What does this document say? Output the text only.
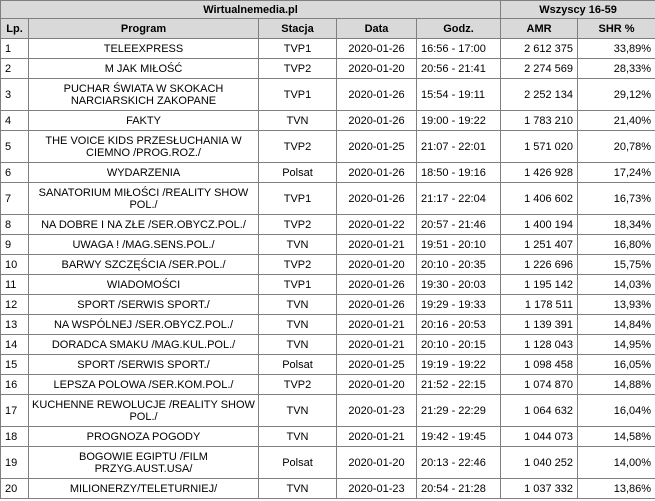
Wirtualnemedia.pl					Wszyscy 16-59	
Lp.	Program	Stacja	Data	Godz.	AMR	SHR %
1	TELEEXPRESS	TVP1	2020-01-26	16:56 - 17:00	2 612 375	33,89%
2	M JAK MIŁOŚĆ	TVP2	2020-01-20	20:56 - 21:41	2 274 569	28,33%
3	PUCHAR ŚWIATA W SKOKACH NARCIARSKICH ZAKOPANE	TVP1	2020-01-26	15:54 - 19:11	2 252 134	29,12%
4	FAKTY	TVN	2020-01-26	19:00 - 19:22	1 783 210	21,40%
5	THE VOICE KIDS PRZESŁUCHANIA W CIEMNO /PROG.ROZ./	TVP2	2020-01-25	21:07 - 22:01	1 571 020	20,78%
6	WYDARZENIA	Polsat	2020-01-26	18:50 - 19:16	1 426 928	17,24%
7	SANATORIUM MIŁOŚCI /REALITY SHOW POL./	TVP1	2020-01-26	21:17 - 22:04	1 406 602	16,73%
8	NA DOBRE I NA ZŁE /SER.OBYCZ.POL./	TVP2	2020-01-22	20:57 - 21:46	1 400 194	18,34%
9	UWAGA ! /MAG.SENS.POL./	TVN	2020-01-21	19:51 - 20:10	1 251 407	16,80%
10	BARWY SZCZĘŚCIA /SER.POL./	TVP2	2020-01-20	20:10 - 20:35	1 226 696	15,75%
11	WIADOMOŚCI	TVP1	2020-01-26	19:30 - 20:03	1 195 142	14,03%
12	SPORT /SERWIS SPORT./	TVN	2020-01-26	19:29 - 19:33	1 178 511	13,93%
13	NA WSPÓLNEJ /SER.OBYCZ.POL./	TVN	2020-01-21	20:16 - 20:53	1 139 391	14,84%
14	DORADCA SMAKU /MAG.KUL.POL./	TVN	2020-01-21	20:10 - 20:15	1 128 043	14,95%
15	SPORT /SERWIS SPORT./	Polsat	2020-01-25	19:19 - 19:22	1 098 458	16,05%
16	LEPSZA POLOWA /SER.KOM.POL./	TVP2	2020-01-20	21:52 - 22:15	1 074 870	14,88%
17	KUCHENNE REWOLUCJE /REALITY SHOW POL./	TVN	2020-01-23	21:29 - 22:29	1 064 632	16,04%
18	PROGNOZA POGODY	TVN	2020-01-21	19:42 - 19:45	1 044 073	14,58%
19	BOGOWIE EGIPTU /FILM PRZYG.AUST.USA/	Polsat	2020-01-20	20:13 - 22:46	1 040 252	14,00%
20	MILIONERZY/TELETURNIEJ/	TVN	2020-01-23	20:54 - 21:28	1 037 332	13,86%
